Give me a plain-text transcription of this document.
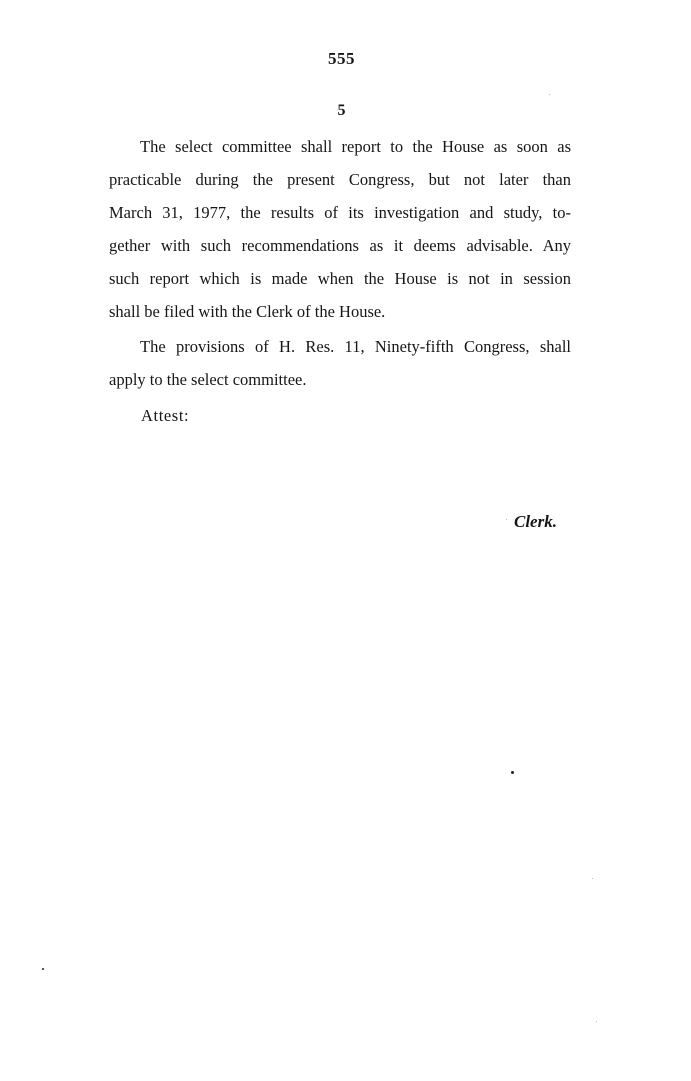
555
5
The select committee shall report to the House as soon as
practicable during the present Congress, but not later than
March 31, 1977, the results of its investigation and study, to-
gether with such recommendations as it deems advisable. Any
such report which is made when the House is not in session
shall be filed with the Clerk of the House.
The provisions of H. Res. 11, Ninety-fifth Congress, shall
apply to the select committee.
Attest:
Clerk.
